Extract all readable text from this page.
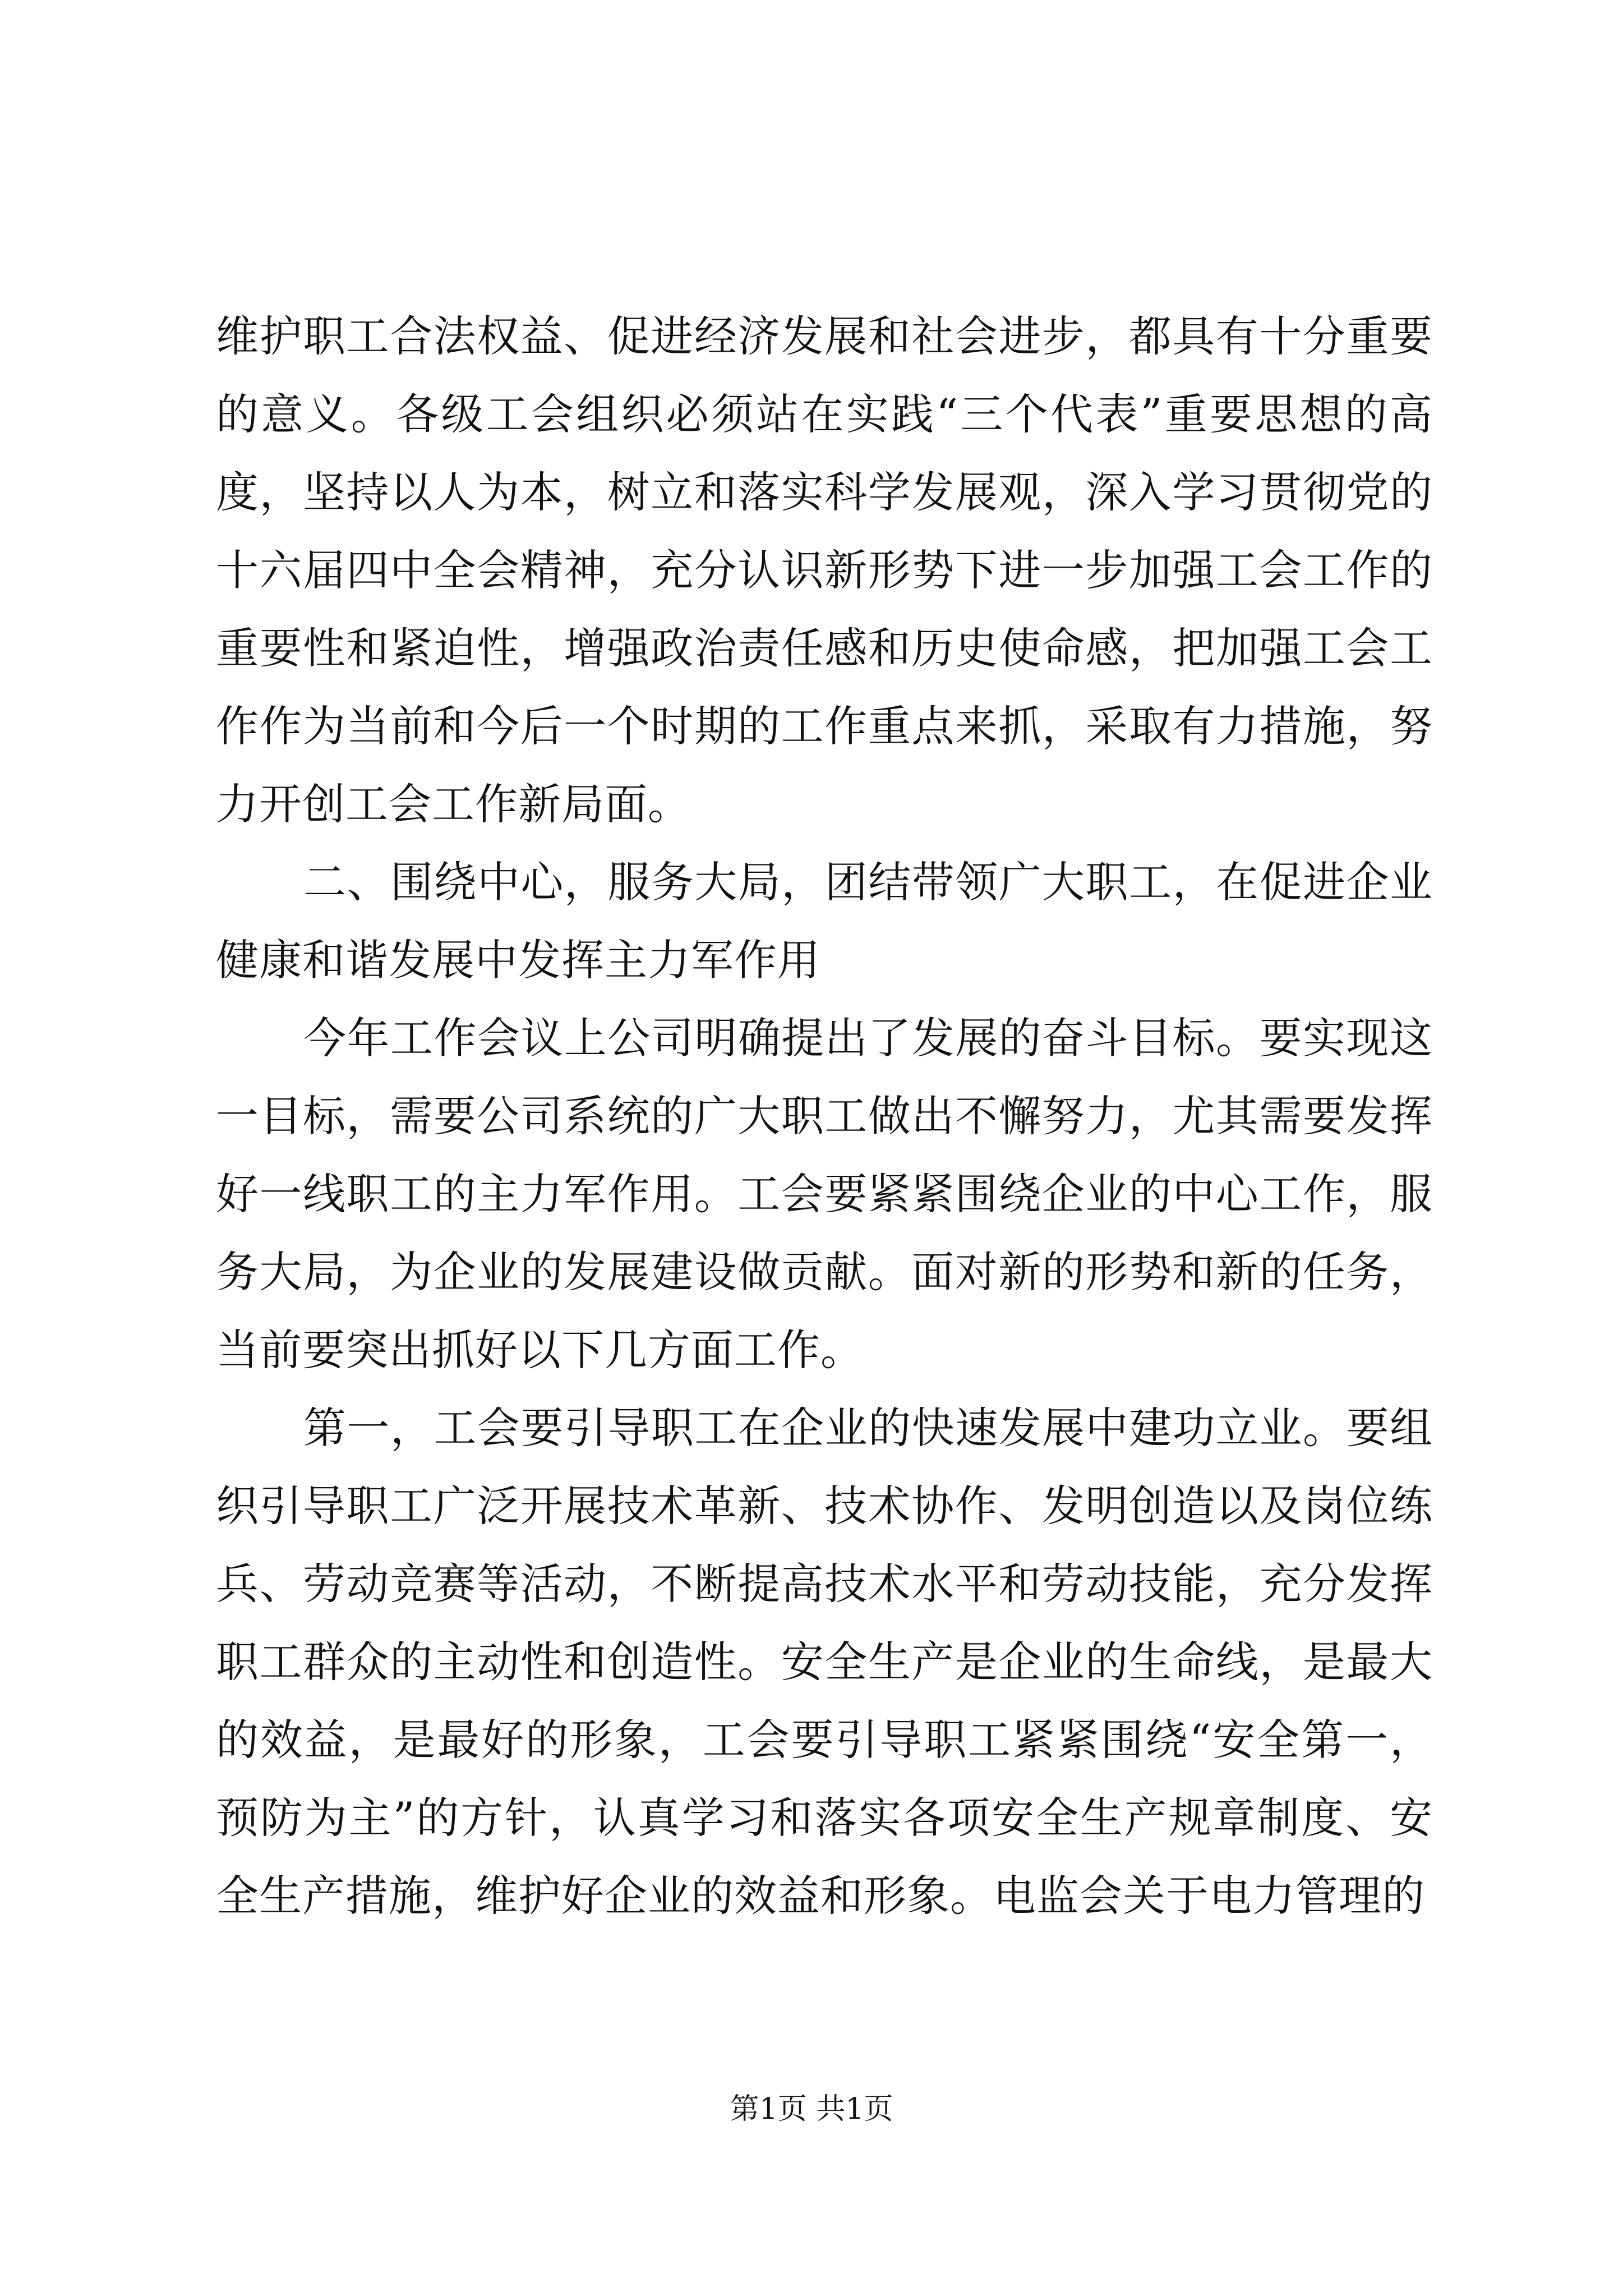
维护职工合法权益、促进经济发展和社会进步，都具有十分重要的意义。各级工会组织必须站在实践“三个代表”重要思想的高度，坚持以人为本，树立和落实科学发展观，深入学习贯彻党的十六届四中全会精神，充分认识新形势下进一步加强工会工作的重要性和紧迫性，增强政治责任感和历史使命感，把加强工会工作作为当前和今后一个时期的工作重点来抓，采取有力措施，努力开创工会工作新局面。

二、围绕中心，服务大局，团结带领广大职工，在促进企业健康和谐发展中发挥主力军作用

今年工作会议上公司明确提出了发展的奋斗目标。要实现这一目标，需要公司系统的广大职工做出不懈努力，尤其需要发挥好一线职工的主力军作用。工会要紧紧围绕企业的中心工作，服务大局，为企业的发展建设做贡献。面对新的形势和新的任务，当前要突出抓好以下几方面工作。

第一，工会要引导职工在企业的快速发展中建功立业。要组织引导职工广泛开展技术革新、技术协作、发明创造以及岗位练兵、劳动竞赛等活动，不断提高技术水平和劳动技能，充分发挥职工群众的主动性和创造性。安全生产是企业的生命线，是最大的效益，是最好的形象，工会要引导职工紧紧围绕“安全第一，预防为主”的方针，认真学习和落实各项安全生产规章制度、安全生产措施，维护好企业的效益和形象。电监会关于电力管理的

第1页 共1页
